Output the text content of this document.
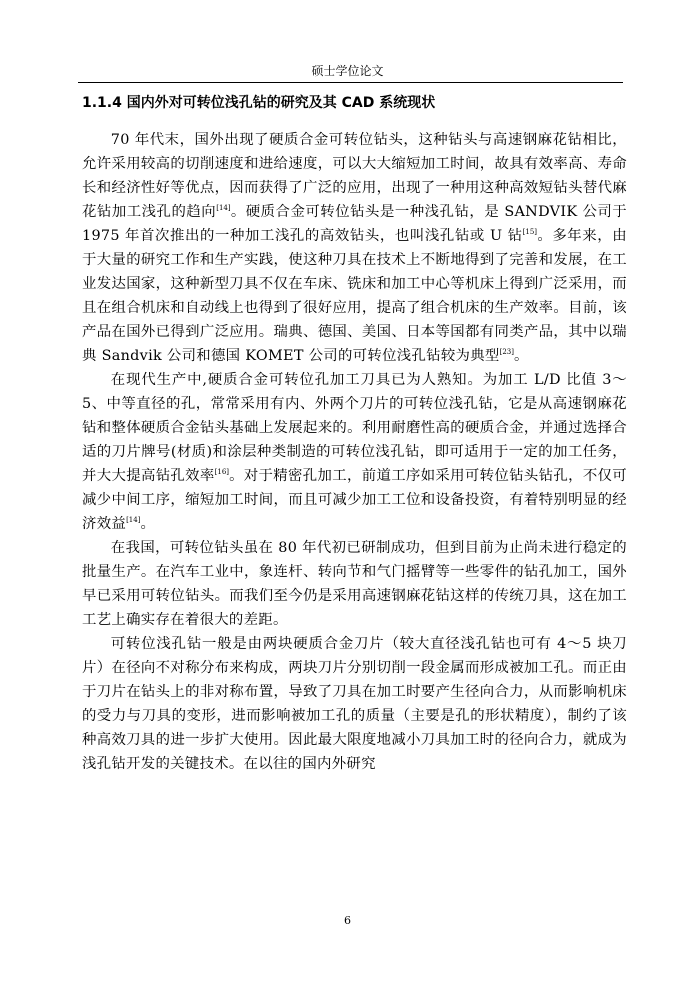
硕士学位论文
1.1.4 国内外对可转位浅孔钻的研究及其 CAD 系统现状

70 年代末，国外出现了硬质合金可转位钻头，这种钻头与高速钢麻花钻相比，允许采用较高的切削速度和进给速度，可以大大缩短加工时间，故具有效率高、寿命长和经济性好等优点，因而获得了广泛的应用，出现了一种用这种高效短钻头替代麻花钻加工浅孔的趋向[14]。硬质合金可转位钻头是一种浅孔钻，是 SANDVIK 公司于 1975 年首次推出的一种加工浅孔的高效钻头，也叫浅孔钻或 U 钻[15]。多年来，由于大量的研究工作和生产实践，使这种刀具在技术上不断地得到了完善和发展，在工业发达国家，这种新型刀具不仅在车床、铣床和加工中心等机床上得到广泛采用，而且在组合机床和自动线上也得到了很好应用，提高了组合机床的生产效率。目前，该产品在国外已得到广泛应用。瑞典、德国、美国、日本等国都有同类产品，其中以瑞典 Sandvik 公司和德国 KOMET 公司的可转位浅孔钻较为典型[23]。

在现代生产中,硬质合金可转位孔加工刀具已为人熟知。为加工 L/D 比值 3～5、中等直径的孔，常常采用有内、外两个刀片的可转位浅孔钻，它是从高速钢麻花钻和整体硬质合金钻头基础上发展起来的。利用耐磨性高的硬质合金，并通过选择合适的刀片牌号(材质)和涂层种类制造的可转位浅孔钻，即可适用于一定的加工任务，并大大提高钻孔效率[16]。对于精密孔加工，前道工序如采用可转位钻头钻孔，不仅可减少中间工序，缩短加工时间，而且可减少加工工位和设备投资，有着特别明显的经济效益[14]。

在我国，可转位钻头虽在 80 年代初已研制成功，但到目前为止尚未进行稳定的批量生产。在汽车工业中，象连杆、转向节和气门摇臂等一些零件的钻孔加工，国外早已采用可转位钻头。而我们至今仍是采用高速钢麻花钻这样的传统刀具，这在加工工艺上确实存在着很大的差距。

可转位浅孔钻一般是由两块硬质合金刀片（较大直径浅孔钻也可有 4～5 块刀片）在径向不对称分布来构成，两块刀片分别切削一段金属而形成被加工孔。而正由于刀片在钻头上的非对称布置，导致了刀具在加工时要产生径向合力，从而影响机床的受力与刀具的变形，进而影响被加工孔的质量（主要是孔的形状精度），制约了该种高效刀具的进一步扩大使用。因此最大限度地减小刀具加工时的径向合力，就成为浅孔钻开发的关键技术。在以往的国内外研究

6
